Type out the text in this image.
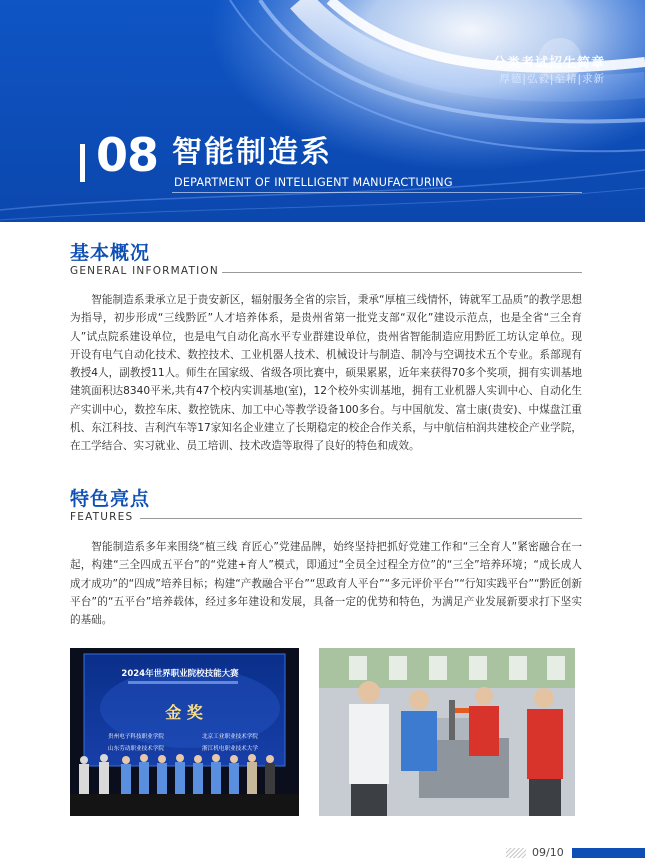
分类考试招生简章
厚德|弘毅|至精|求新
08 智能制造系
DEPARTMENT OF INTELLIGENT MANUFACTURING
基本概况
GENERAL INFORMATION

智能制造系秉承立足于贵安新区，辐射服务全省的宗旨，秉承“厚植三线情怀，铸就军工品质”的教学思想为指导，初步形成“三线黔匠”人才培养体系，是贵州省第一批党支部“双化”建设示范点，也是全省“三全育人”试点院系建设单位，也是电气自动化高水平专业群建设单位，贵州省智能制造应用黔匠工坊认定单位。现开设有电气自动化技术、数控技术、工业机器人技术、机械设计与制造、制冷与空调技术五个专业。系部现有教授4人，副教授11人。师生在国家级、省级各项比赛中，硕果累累，近年来获得70多个奖项，拥有实训基地建筑面积达8340平米,共有47个校内实训基地(室)，12个校外实训基地，拥有工业机器人实训中心、自动化生产实训中心，数控车床、数控铣床、加工中心等教学设备100多台。与中国航发、富士康(贵安)、中煤盘江重机、东江科技、吉利汽车等17家知名企业建立了长期稳定的校企合作关系，与中航信柏润共建校企产业学院，在工学结合、实习就业、员工培训、技术改造等取得了良好的特色和成效。

特色亮点
FEATURES

智能制造系多年来围绕“植三线 育匠心”党建品牌，始终坚持把抓好党建工作和“三全育人”紧密融合在一起，构建“三全四成五平台”的“党建+育人”模式，即通过“全员全过程全方位”的“三全”培养环境；“成长成人成才成功”的“四成”培养目标；构建“产教融合平台”“思政育人平台”“多元评价平台”“行知实践平台”“黔匠创新平台”的“五平台”培养载体，经过多年建设和发展，具备一定的优势和特色，为满足产业发展新要求打下坚实的基础。

2024年世界职业院校技能大赛
金 奖
贵州电子科技职业学院	北京工业职业技术学院
山东劳动职业技术学院	浙江机电职业技术大学
09/10
